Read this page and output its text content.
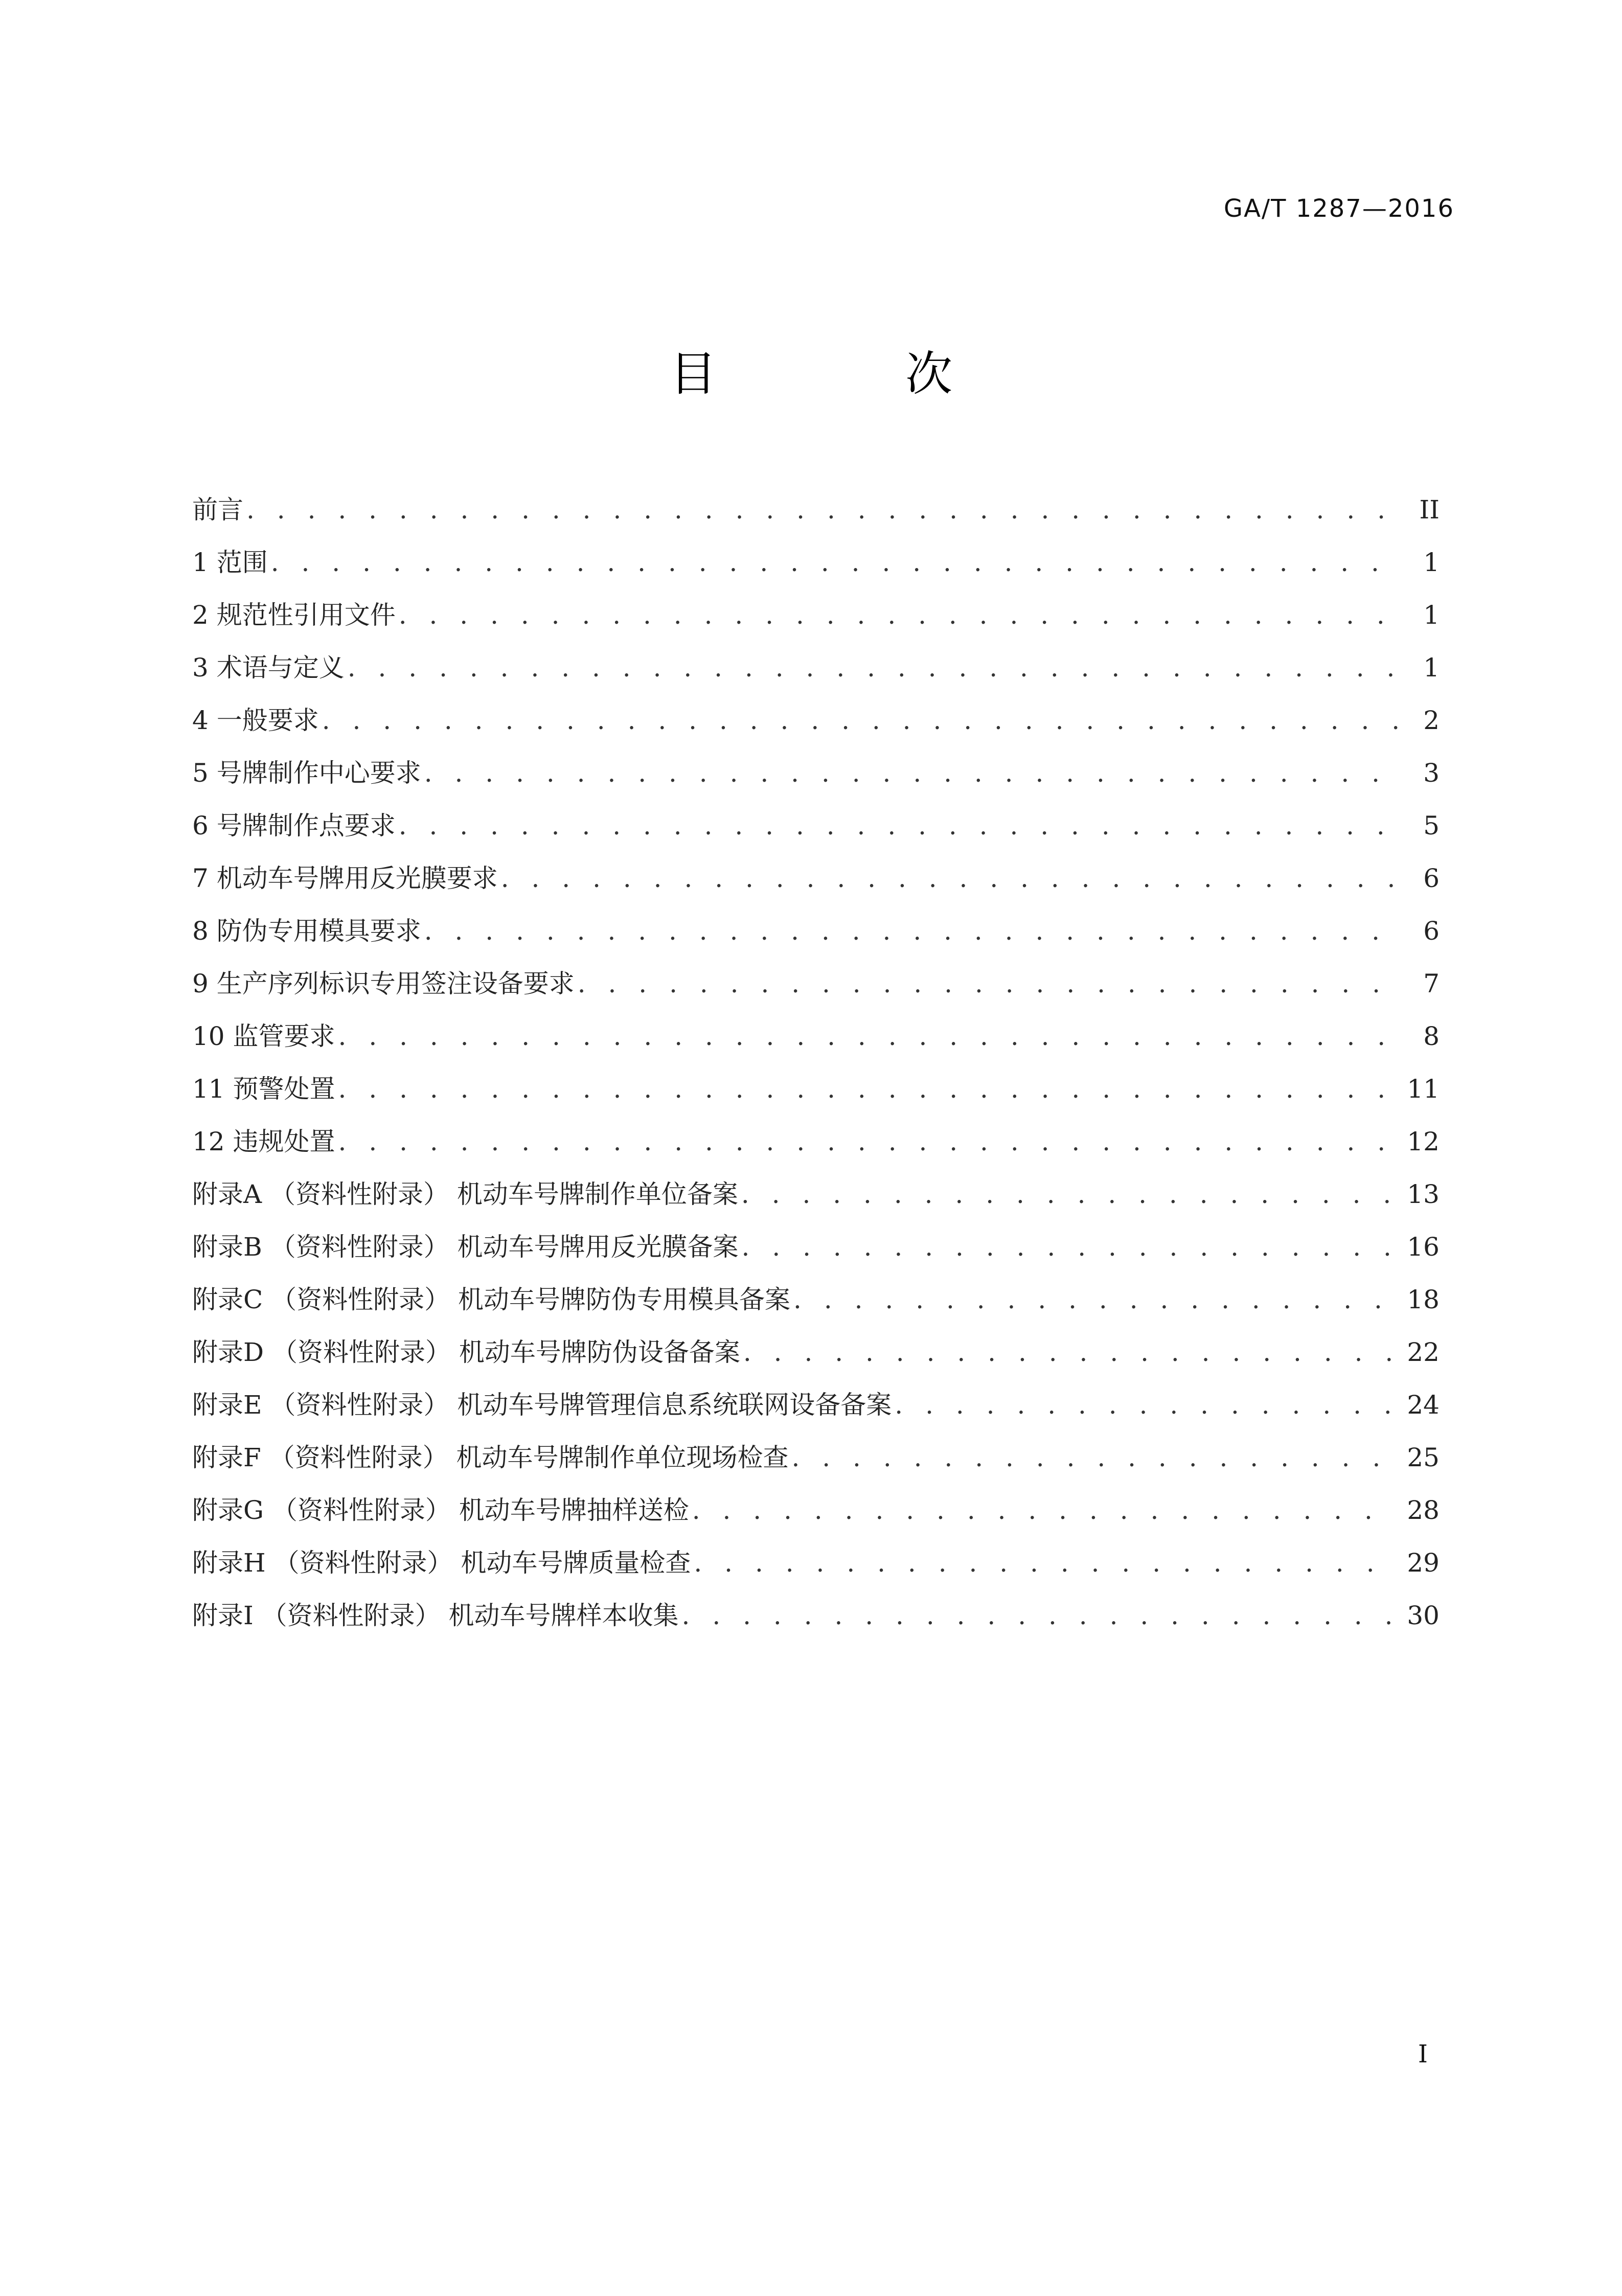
GA/T 1287—2016
目 次
前言 . . .	II
1 范围 . . .	1
2 规范性引用文件 . . .	1
3 术语与定义 . . .	1
4 一般要求 . . .	2
5 号牌制作中心要求 . . .	3
6 号牌制作点要求 . . .	5
7 机动车号牌用反光膜要求 . . .	6
8 防伪专用模具要求 . . .	6
9 生产序列标识专用签注设备要求 . . .	7
10 监管要求 . . .	8
11 预警处置 . . .	11
12 违规处置 . . .	12
附录A （资料性附录） 机动车号牌制作单位备案 . . .	13
附录B （资料性附录） 机动车号牌用反光膜备案 . . .	16
附录C （资料性附录） 机动车号牌防伪专用模具备案 . . .	18
附录D （资料性附录） 机动车号牌防伪设备备案 . . .	22
附录E （资料性附录） 机动车号牌管理信息系统联网设备备案 . . .	24
附录F （资料性附录） 机动车号牌制作单位现场检查 . . .	25
附录G （资料性附录） 机动车号牌抽样送检 . . .	28
附录H （资料性附录） 机动车号牌质量检查 . . .	29
附录I （资料性附录） 机动车号牌样本收集 . . .	30
I
